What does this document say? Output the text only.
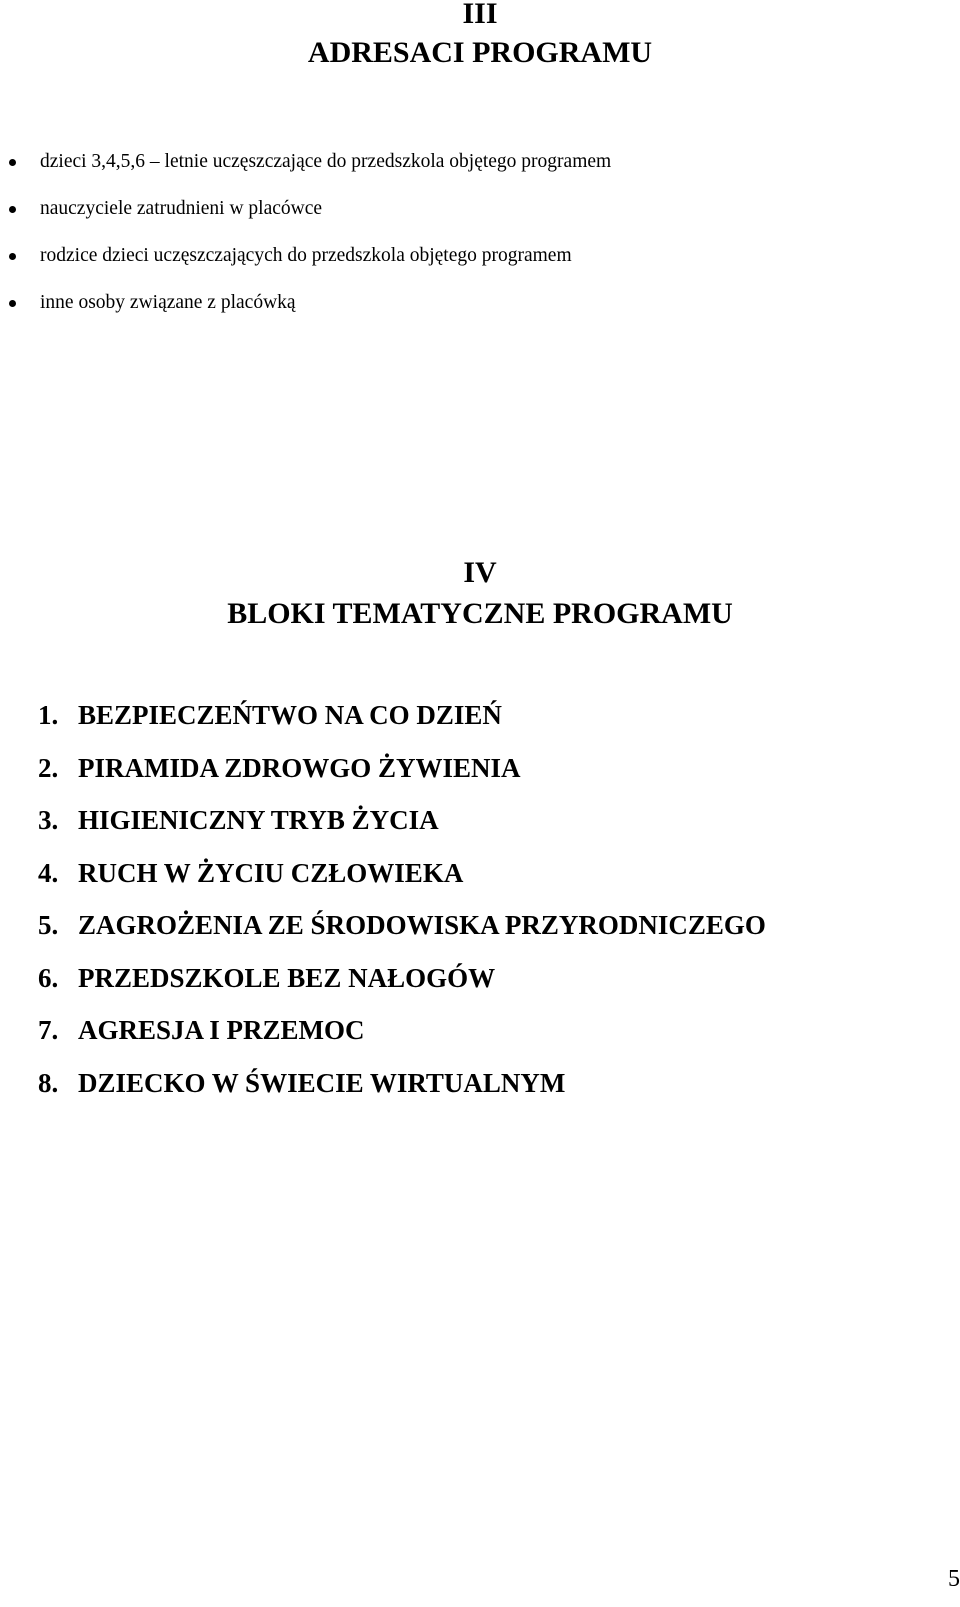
III
ADRESACI PROGRAMU
dzieci 3,4,5,6 – letnie uczęszczające do przedszkola objętego programem
nauczyciele zatrudnieni w placówce
rodzice dzieci uczęszczających do przedszkola objętego programem
inne osoby związane z placówką
IV
BLOKI TEMATYCZNE PROGRAMU
1. BEZPIECZEŃTWO NA CO DZIEŃ
2. PIRAMIDA ZDROWGO ŻYWIENIA
3. HIGIENICZNY TRYB ŻYCIA
4. RUCH W ŻYCIU CZŁOWIEKA
5. ZAGROŻENIA ZE ŚRODOWISKA PRZYRODNICZEGO
6. PRZEDSZKOLE BEZ NAŁOGÓW
7. AGRESJA I PRZEMOC
8. DZIECKO W ŚWIECIE WIRTUALNYM
5
